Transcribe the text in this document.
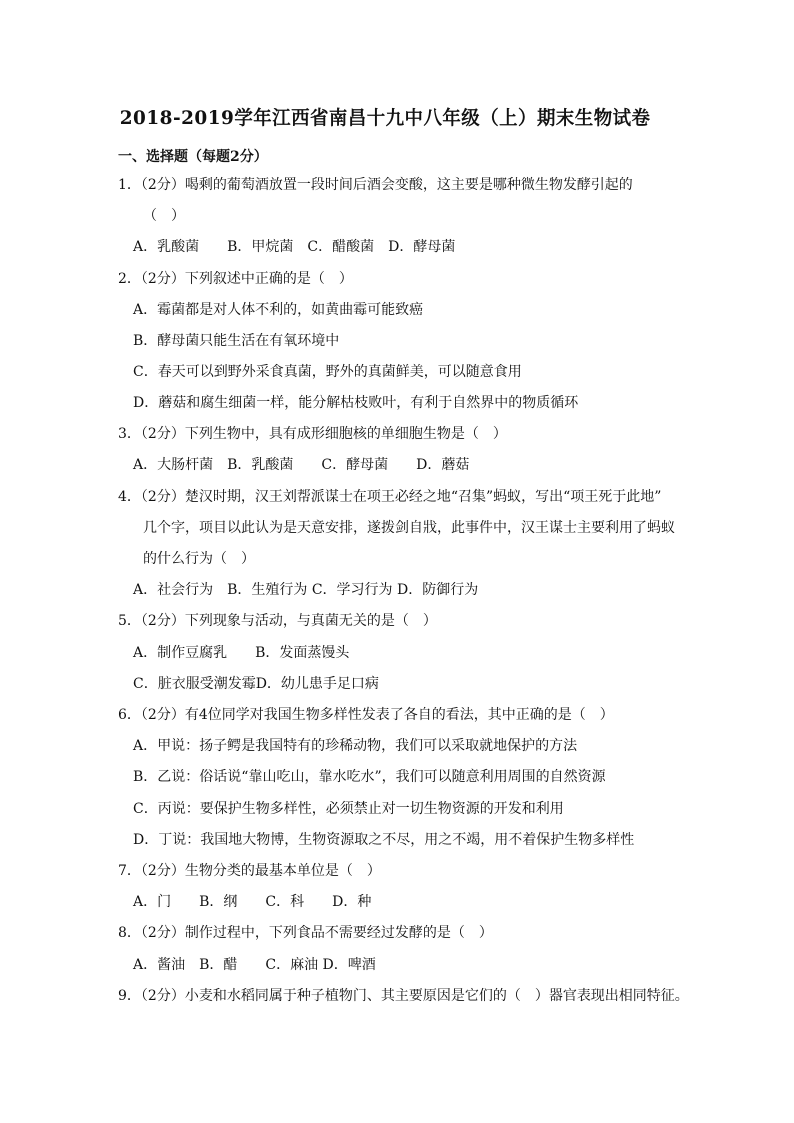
2018-2019学年江西省南昌十九中八年级（上）期末生物试卷
一、选择题（每题2分）
1．（2分）喝剩的葡萄酒放置一段时间后酒会变酸，这主要是哪种微生物发酵引起的
（　）
A．乳酸菌　　B．甲烷菌　C．醋酸菌　D．酵母菌
2．（2分）下列叙述中正确的是（　）
A．霉菌都是对人体不利的，如黄曲霉可能致癌
B．酵母菌只能生活在有氧环境中
C．春天可以到野外采食真菌，野外的真菌鲜美，可以随意食用
D．蘑菇和腐生细菌一样，能分解枯枝败叶，有利于自然界中的物质循环
3．（2分）下列生物中，具有成形细胞核的单细胞生物是（　）
A．大肠杆菌　B．乳酸菌　　C．酵母菌　　D．蘑菇
4．（2分）楚汉时期，汉王刘帮派谋士在项王必经之地“召集”蚂蚁，写出“项王死于此地”
几个字，项目以此认为是天意安排，遂拨剑自戕，此事件中，汉王谋士主要利用了蚂蚁
的什么行为（　）
A．社会行为　B．生殖行为 C．学习行为 D．防御行为
5．（2分）下列现象与活动，与真菌无关的是（　）
A．制作豆腐乳　　B．发面蒸馒头
C．脏衣服受潮发霉D．幼儿患手足口病
6．（2分）有4位同学对我国生物多样性发表了各自的看法，其中正确的是（　）
A．甲说：扬子鳄是我国特有的珍稀动物，我们可以采取就地保护的方法
B．乙说：俗话说“靠山吃山，靠水吃水”，我们可以随意利用周围的自然资源
C．丙说：要保护生物多样性，必须禁止对一切生物资源的开发和利用
D．丁说：我国地大物博，生物资源取之不尽，用之不竭，用不着保护生物多样性
7．（2分）生物分类的最基本单位是（　）
A．门　　B．纲　　C．科　　D．种
8．（2分）制作过程中，下列食品不需要经过发酵的是（　）
A．酱油　B．醋　　C．麻油 D．啤酒
9．（2分）小麦和水稻同属于种子植物门、其主要原因是它们的（　）器官表现出相同特征。
